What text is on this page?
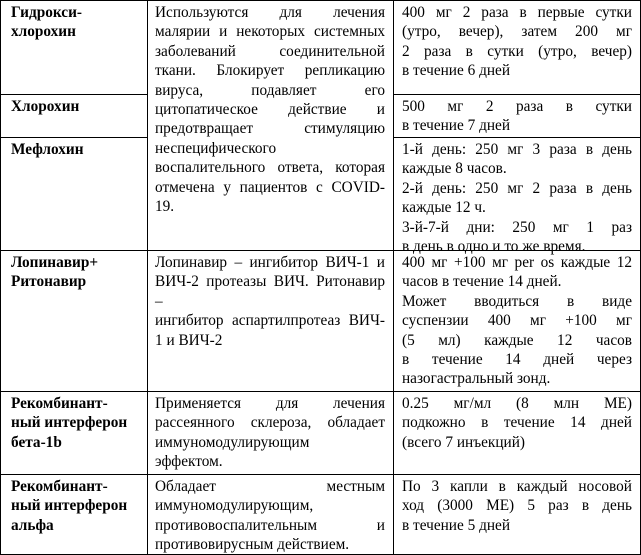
Гидрокси-
хлорохин
Используются для лечения
малярии и некоторых системных
заболеваний соединительной
ткани. Блокирует репликацию
вируса, подавляет его
цитопатическое действие и
предотвращает стимуляцию
неспецифического
воспалительного ответа, которая
отмечена у пациентов с COVID-
19.
400 мг 2 раза в первые сутки
(утро, вечер), затем 200 мг
2 раза в сутки (утро, вечер)
в течение 6 дней
Хлорохин	500 мг 2 раза в сутки
в течение 7 дней
Мефлохин	1-й день: 250 мг 3 раза в день
каждые 8 часов.
2-й день: 250 мг 2 раза в день
каждые 12 ч.
3-й-7-й дни: 250 мг 1 раз
в день в одно и то же время.
Лопинавир+
Ритонавир
Лопинавир – ингибитор ВИЧ-1 и
ВИЧ-2 протеазы ВИЧ. Ритонавир
–
ингибитор аспартилпротеаз ВИЧ-
1 и ВИЧ-2
400 мг +100 мг per os каждые 12
часов в течение 14 дней.
Может вводиться в виде
суспензии 400 мг +100 мг
(5 мл) каждые 12 часов
в течение 14 дней через
назогастральный зонд.
Рекомбинант-
ный интерферон
бета-1b
Применяется для лечения
рассеянного склероза, обладает
иммуномодулирующим
эффектом.
0.25 мг/мл (8 млн МЕ)
подкожно в течение 14 дней
(всего 7 инъекций)
Рекомбинант-
ный интерферон
альфа
Обладает местным
иммуномодулирующим,
противовоспалительным и
противовирусным действием.
По 3 капли в каждый носовой
ход (3000 МЕ) 5 раз в день
в течение 5 дней
